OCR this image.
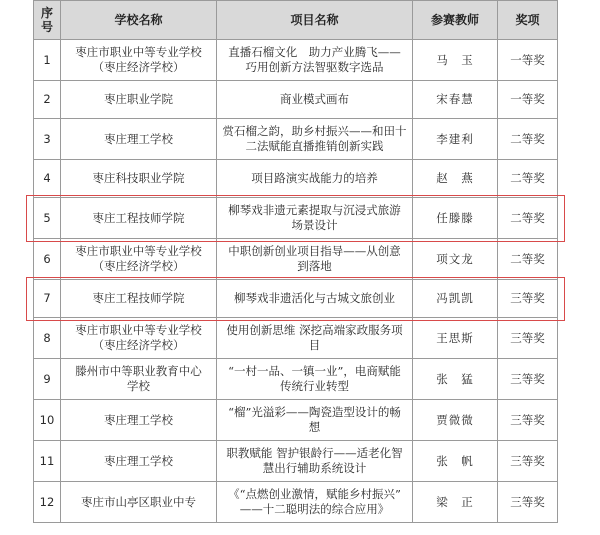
序
号	学校名称	项目名称	参赛教师	奖项
1	枣庄市职业中等专业学校
（枣庄经济学校）	直播石榴文化　助力产业腾飞——
巧用创新方法智驱数字选品	马　玉	一等奖
2	枣庄职业学院	商业模式画布	宋春慧	一等奖
3	枣庄理工学校	赏石榴之韵，助乡村振兴——和田十
二法赋能直播推销创新实践	李建利	二等奖
4	枣庄科技职业学院	项目路演实战能力的培养	赵　燕	二等奖
5	枣庄工程技师学院	柳琴戏非遗元素提取与沉浸式旅游
场景设计	任滕滕	二等奖
6	枣庄市职业中等专业学校
（枣庄经济学校）	中职创新创业项目指导——从创意
到落地	项文龙	二等奖
7	枣庄工程技师学院	柳琴戏非遗活化与古城文旅创业	冯凯凯	三等奖
8	枣庄市职业中等专业学校
（枣庄经济学校）	使用创新思维 深挖高端家政服务项
目	王思斯	三等奖
9	滕州市中等职业教育中心
学校	“一村一品、一镇一业”，电商赋能
传统行业转型	张　猛	三等奖
10	枣庄理工学校	“榴”光溢彩——陶瓷造型设计的畅
想	贾微微	三等奖
11	枣庄理工学校	职教赋能 智护银龄行——适老化智
慧出行辅助系统设计	张　帆	三等奖
12	枣庄市山亭区职业中专	《“点燃创业激情，赋能乡村振兴”
——十二聪明法的综合应用》	梁　正	三等奖
